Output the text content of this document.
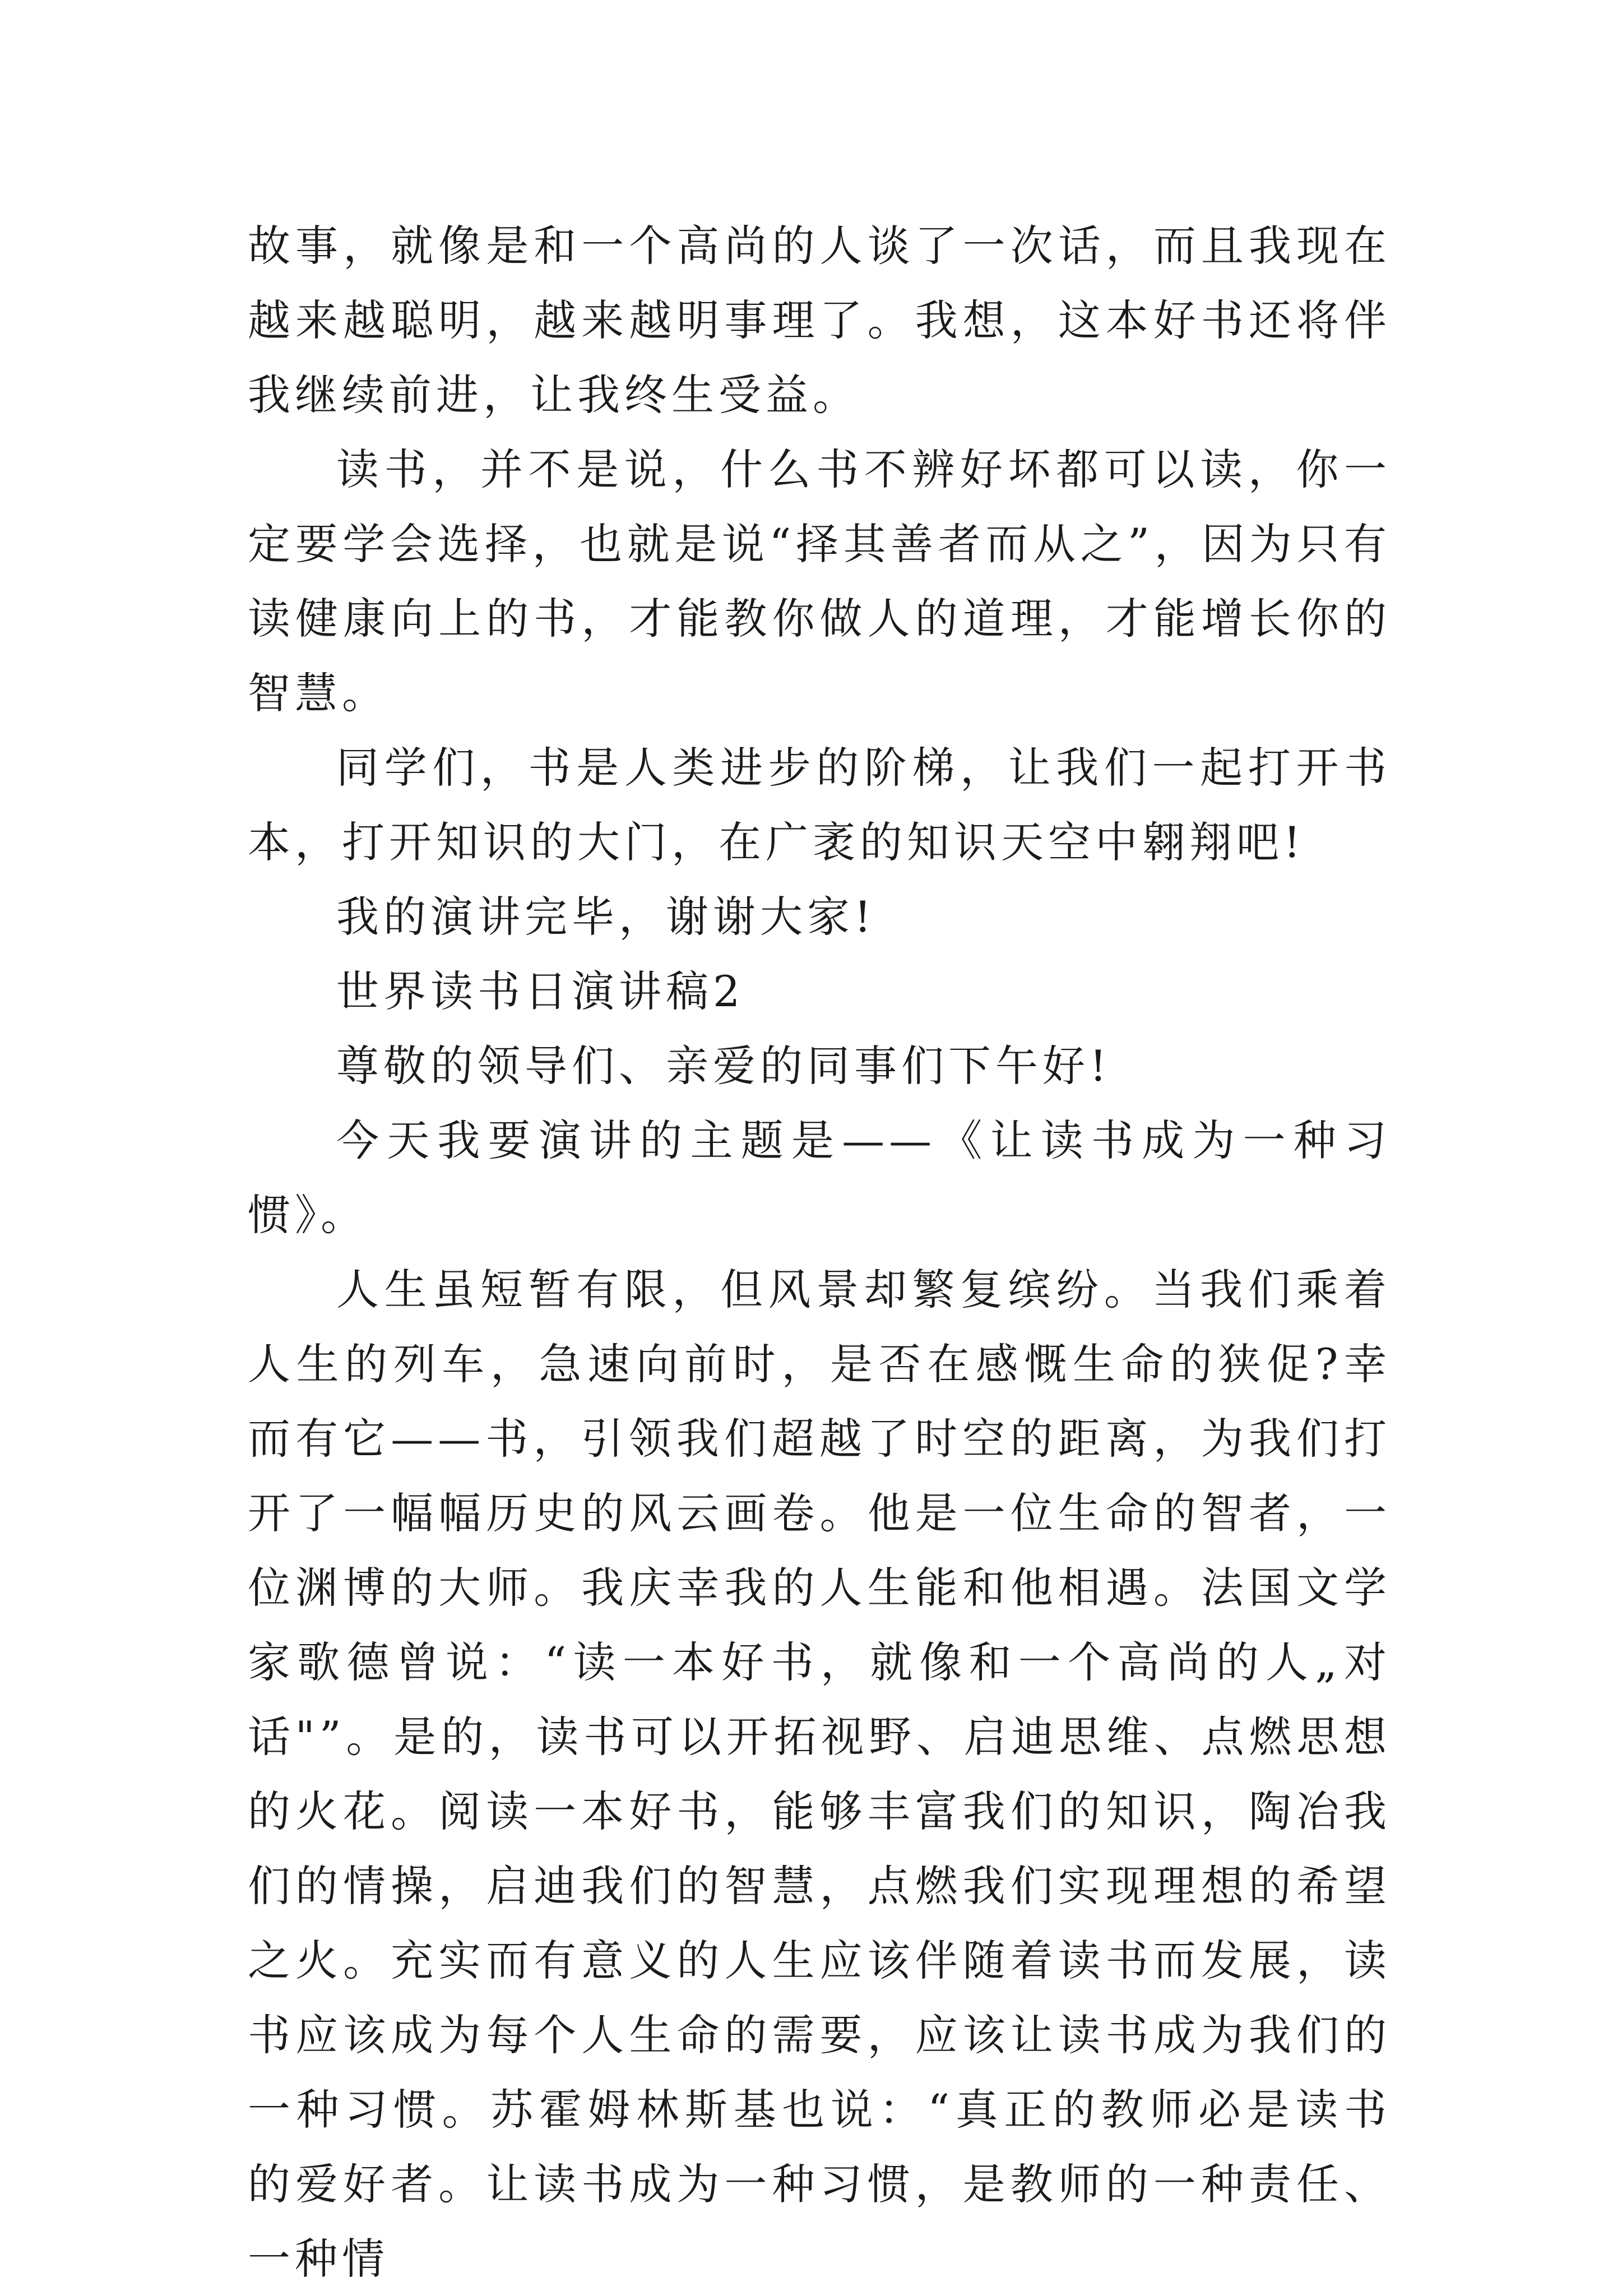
故事，就像是和一个高尚的人谈了一次话，而且我现在越来越聪明，越来越明事理了。我想，这本好书还将伴我继续前进，让我终生受益。

读书，并不是说，什么书不辨好坏都可以读，你一定要学会选择，也就是说“择其善者而从之”，因为只有读健康向上的书，才能教你做人的道理，才能增长你的智慧。

同学们，书是人类进步的阶梯，让我们一起打开书本，打开知识的大门，在广袤的知识天空中翱翔吧!

我的演讲完毕，谢谢大家!

世界读书日演讲稿2

尊敬的领导们、亲爱的同事们下午好!

今天我要演讲的主题是——《让读书成为一种习惯》。

人生虽短暂有限，但风景却繁复缤纷。当我们乘着人生的列车，急速向前时，是否在感慨生命的狭促?幸而有它——书，引领我们超越了时空的距离，为我们打开了一幅幅历史的风云画卷。他是一位生命的智者，一位渊博的大师。我庆幸我的人生能和他相遇。法国文学家歌德曾说：“读一本好书，就像和一个高尚的人„对话"”。是的，读书可以开拓视野、启迪思维、点燃思想的火花。阅读一本好书，能够丰富我们的知识，陶冶我们的情操，启迪我们的智慧，点燃我们实现理想的希望之火。充实而有意义的人生应该伴随着读书而发展，读书应该成为每个人生命的需要，应该让读书成为我们的一种习惯。苏霍姆林斯基也说：“真正的教师必是读书的爱好者。让读书成为一种习惯，是教师的一种责任、一种情
